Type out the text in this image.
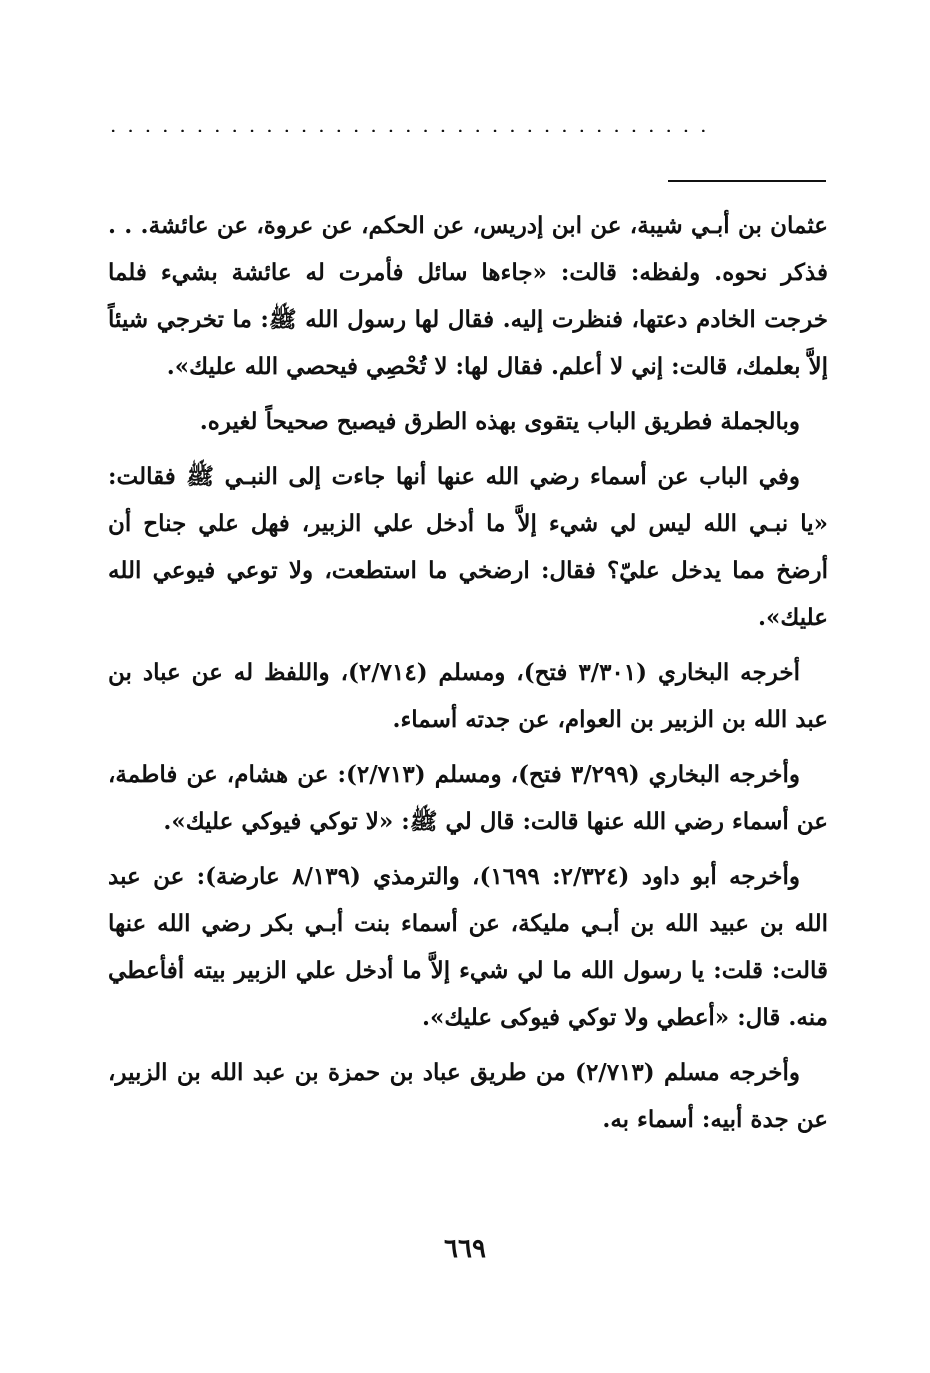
...................................

عثمان بن أبـي شيبة، عن ابن إدريس، عن الحكم، عن عروة، عن عائشة. . . فذكر نحوه. ولفظه: قالت: «جاءها سائل فأمرت له عائشة بشيء فلما خرجت الخادم دعتها، فنظرت إليه. فقال لها رسول الله ﷺ: ما تخرجي شيئاً إلاَّ بعلمك، قالت: إني لا أعلم. فقال لها: لا تُحْصِي فيحصي الله عليك».

وبالجملة فطريق الباب يتقوى بهذه الطرق فيصبح صحيحاً لغيره.

وفي الباب عن أسماء رضي الله عنها أنها جاءت إلى النبـي ﷺ فقالت: «يا نبـي الله ليس لي شيء إلاَّ ما أدخل علي الزبير، فهل علي جناح أن أرضخ مما يدخل عليّ؟ فقال: ارضخي ما استطعت، ولا توعي فيوعي الله عليك».

أخرجه البخاري (٣/٣٠١ فتح)، ومسلم (٢/٧١٤)، واللفظ له عن عباد بن عبد الله بن الزبير بن العوام، عن جدته أسماء.

وأخرجه البخاري (٣/٢٩٩ فتح)، ومسلم (٢/٧١٣): عن هشام، عن فاطمة، عن أسماء رضي الله عنها قالت: قال لي ﷺ: «لا توكي فيوكي عليك».

وأخرجه أبو داود (٢/٣٢٤: ١٦٩٩)، والترمذي (٨/١٣٩ عارضة): عن عبد الله بن عبيد الله بن أبـي مليكة، عن أسماء بنت أبـي بكر رضي الله عنها قالت: قلت: يا رسول الله ما لي شيء إلاَّ ما أدخل علي الزبير بيته أفأعطي منه. قال: «أعطي ولا توكي فيوكى عليك».

وأخرجه مسلم (٢/٧١٣) من طريق عباد بن حمزة بن عبد الله بن الزبير، عن جدة أبيه: أسماء به.

٦٦٩
